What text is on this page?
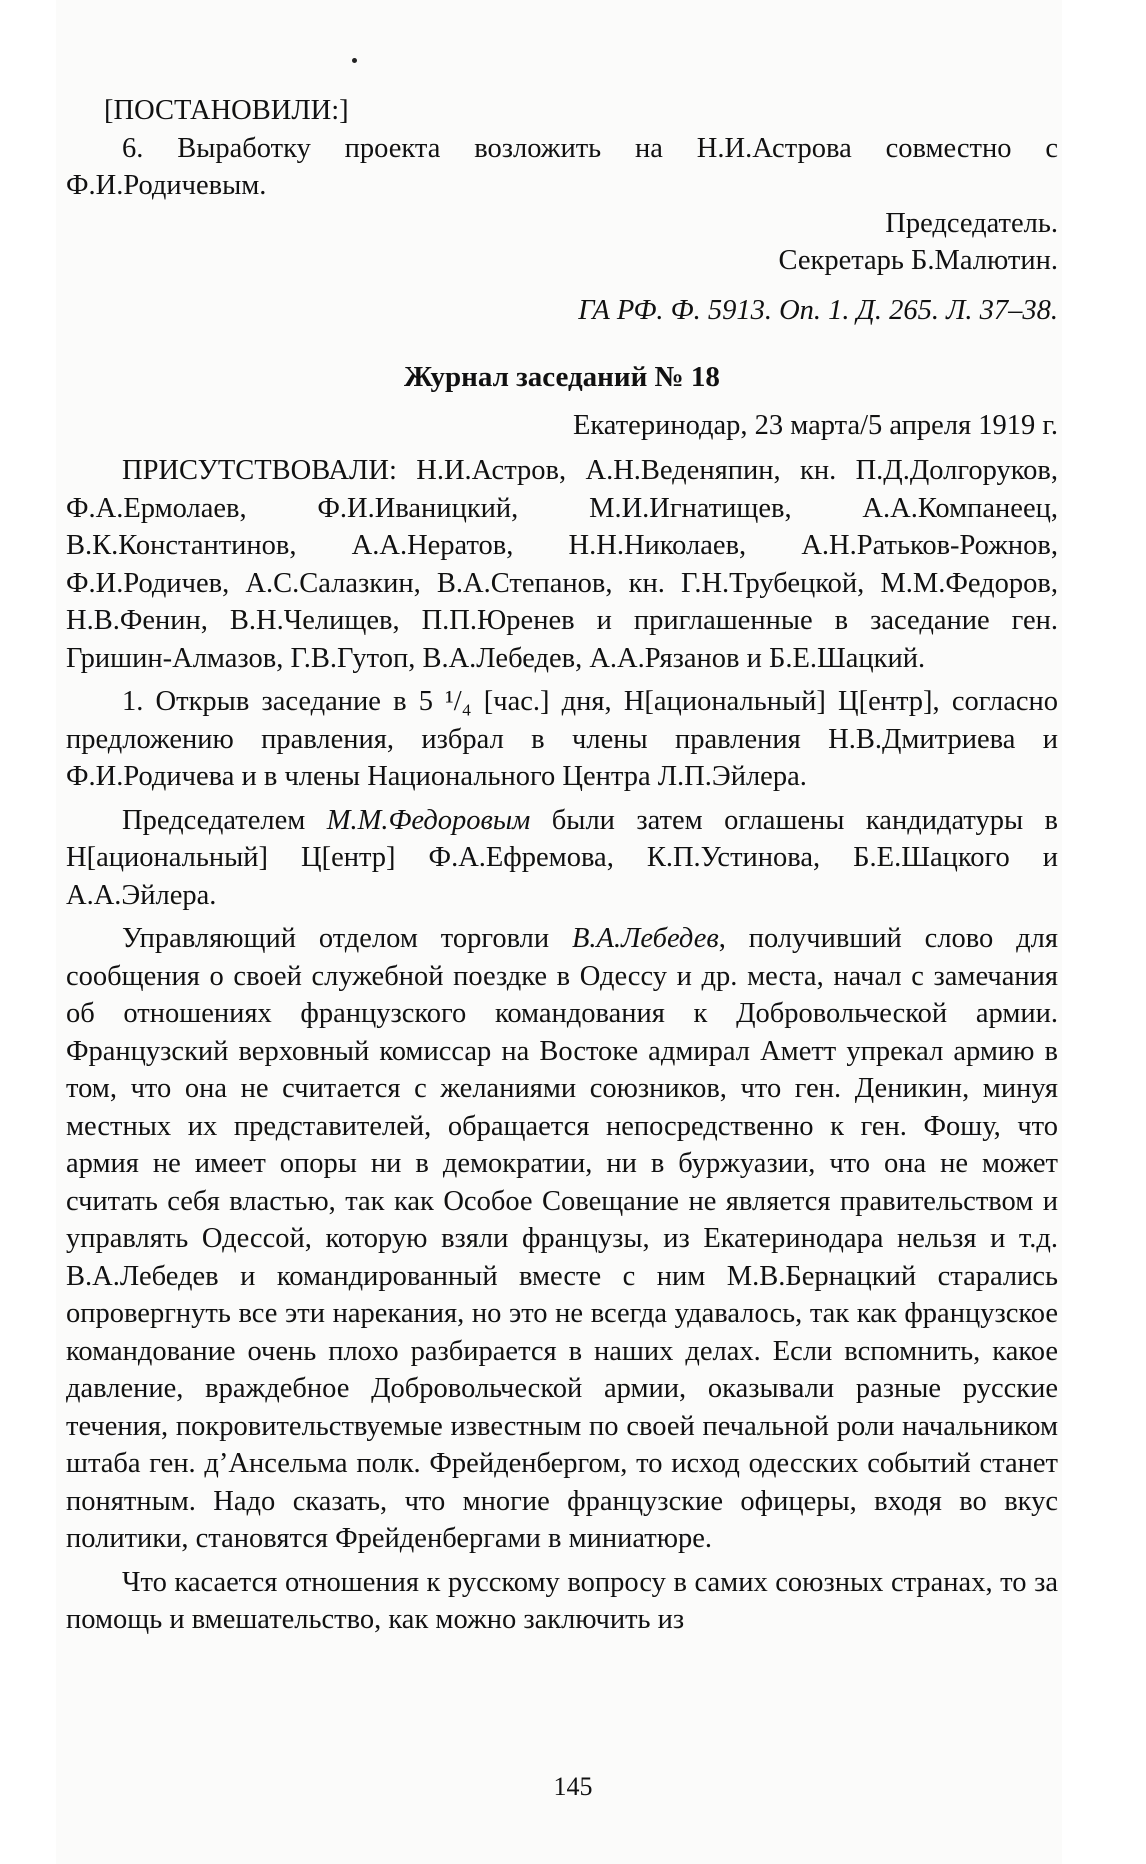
[ПОСТАНОВИЛИ:]

6. Выработку проекта возложить на Н.И.Астрова совместно с Ф.И.Родичевым.

Председатель.

Секретарь Б.Малютин.

ГА РФ. Ф. 5913. Оп. 1. Д. 265. Л. 37–38.

Журнал заседаний № 18

Екатеринодар, 23 марта/5 апреля 1919 г.

ПРИСУТСТВОВАЛИ: Н.И.Астров, А.Н.Веденяпин, кн. П.Д.Долгоруков, Ф.А.Ермолаев, Ф.И.Иваницкий, М.И.Игнатищев, А.А.Компанеец, В.К.Константинов, А.А.Нератов, Н.Н.Николаев, А.Н.Ратьков-Рожнов, Ф.И.Родичев, А.С.Салазкин, В.А.Степанов, кн. Г.Н.Трубецкой, М.М.Федоров, Н.В.Фенин, В.Н.Челищев, П.П.Юренев и приглашенные в заседание ген. Гришин-Алмазов, Г.В.Гутоп, В.А.Лебедев, А.А.Рязанов и Б.Е.Шацкий.

1. Открыв заседание в 5 ¹/₄ [час.] дня, Н[ациональный] Ц[ентр], согласно предложению правления, избрал в члены правления Н.В.Дмитриева и Ф.И.Родичева и в члены Национального Центра Л.П.Эйлера.

Председателем М.М.Федоровым были затем оглашены кандидатуры в Н[ациональный] Ц[ентр] Ф.А.Ефремова, К.П.Устинова, Б.Е.Шацкого и А.А.Эйлера.

Управляющий отделом торговли В.А.Лебедев, получивший слово для сообщения о своей служебной поездке в Одессу и др. места, начал с замечания об отношениях французского командования к Добровольческой армии. Французский верховный комиссар на Востоке адмирал Аметт упрекал армию в том, что она не считается с желаниями союзников, что ген. Деникин, минуя местных их представителей, обращается непосредственно к ген. Фошу, что армия не имеет опоры ни в демократии, ни в буржуазии, что она не может считать себя властью, так как Особое Совещание не является правительством и управлять Одессой, которую взяли французы, из Екатеринодара нельзя и т.д. В.А.Лебедев и командированный вместе с ним М.В.Бернацкий старались опровергнуть все эти нарекания, но это не всегда удавалось, так как французское командование очень плохо разбирается в наших делах. Если вспомнить, какое давление, враждебное Добровольческой армии, оказывали разные русские течения, покровительствуемые известным по своей печальной роли начальником штаба ген. д’Ансельма полк. Фрейденбергом, то исход одесских событий станет понятным. Надо сказать, что многие французские офицеры, входя во вкус политики, становятся Фрейденбергами в миниатюре.

Что касается отношения к русскому вопросу в самих союзных странах, то за помощь и вмешательство, как можно заключить из

145
